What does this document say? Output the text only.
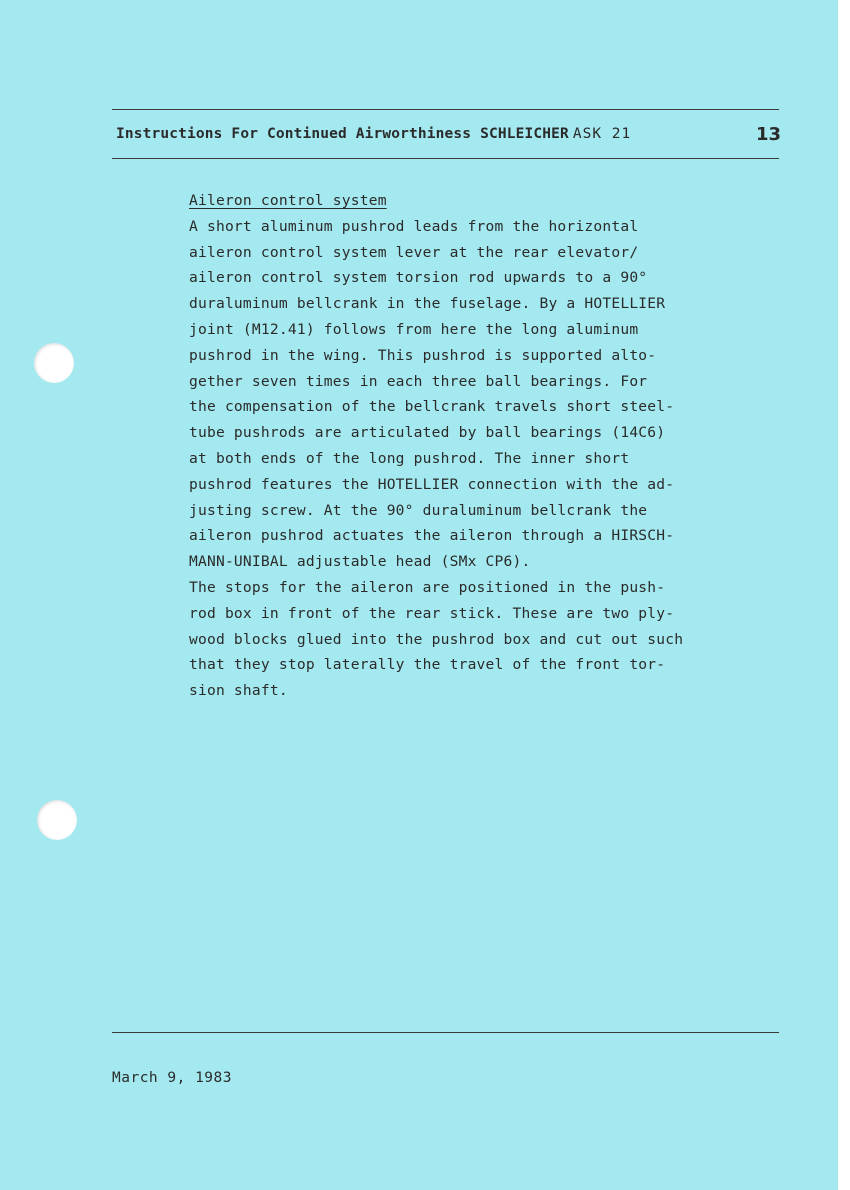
Instructions For Continued Airworthiness SCHLEICHER ASK 21	13
Aileron control system
A short aluminum pushrod leads from the horizontal
aileron control system lever at the rear elevator/
aileron control system torsion rod upwards to a 90°
duraluminum bellcrank in the fuselage. By a HOTELLIER
joint (M12.41) follows from here the long aluminum
pushrod in the wing. This pushrod is supported alto-
gether seven times in each three ball bearings. For
the compensation of the bellcrank travels short steel-
tube pushrods are articulated by ball bearings (14C6)
at both ends of the long pushrod. The inner short
pushrod features the HOTELLIER connection with the ad-
justing screw. At the 90° duraluminum bellcrank the
aileron pushrod actuates the aileron through a HIRSCH-
MANN-UNIBAL adjustable head (SMx CP6).
The stops for the aileron are positioned in the push-
rod box in front of the rear stick. These are two ply-
wood blocks glued into the pushrod box and cut out such
that they stop laterally the travel of the front tor-
sion shaft.
March 9, 1983
